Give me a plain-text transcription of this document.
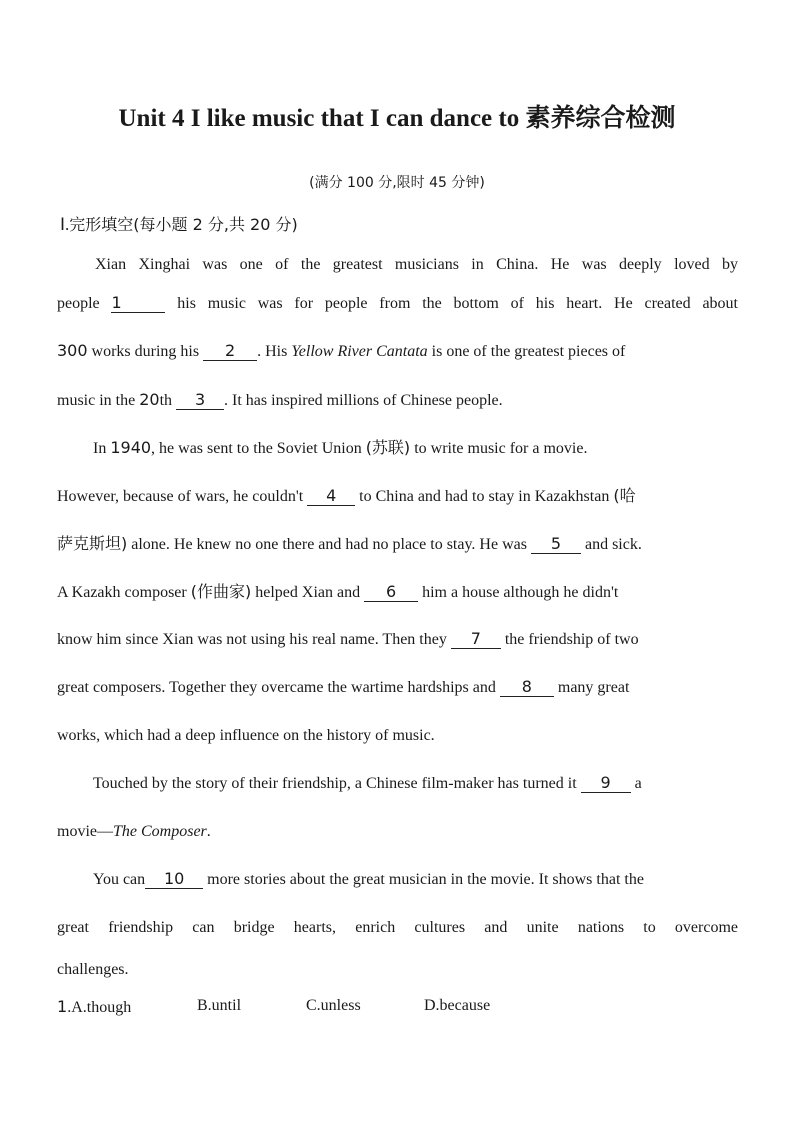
Unit 4 I like music that I can dance to 素养综合检测
(满分 100 分,限时 45 分钟)
Ⅰ.完形填空(每小题 2 分,共 20 分)
Xian Xinghai was one of the greatest musicians in China. He was deeply loved by
people 1	his music was for people from the bottom of his heart. He created about
300 works during his 2 . His Yellow River Cantata is one of the greatest pieces of
music in the 20th 3 . It has inspired millions of Chinese people.
In 1940, he was sent to the Soviet Union (苏联) to write music for a movie.
However, because of wars, he couldn't 4 to China and had to stay in Kazakhstan (哈
萨克斯坦) alone. He knew no one there and had no place to stay. He was 5 and sick.
A Kazakh composer (作曲家) helped Xian and 6 him a house although he didn't
know him since Xian was not using his real name. Then they 7 the friendship of two
great composers. Together they overcame the wartime hardships and 8 many great
works, which had a deep influence on the history of music.
Touched by the story of their friendship, a Chinese film-maker has turned it 9 a
movie—The Composer.
You can 10 more stories about the great musician in the movie. It shows that the
great friendship can bridge hearts, enrich cultures and unite nations to overcome
challenges.
1.A.though	B.until	C.unless	D.because
